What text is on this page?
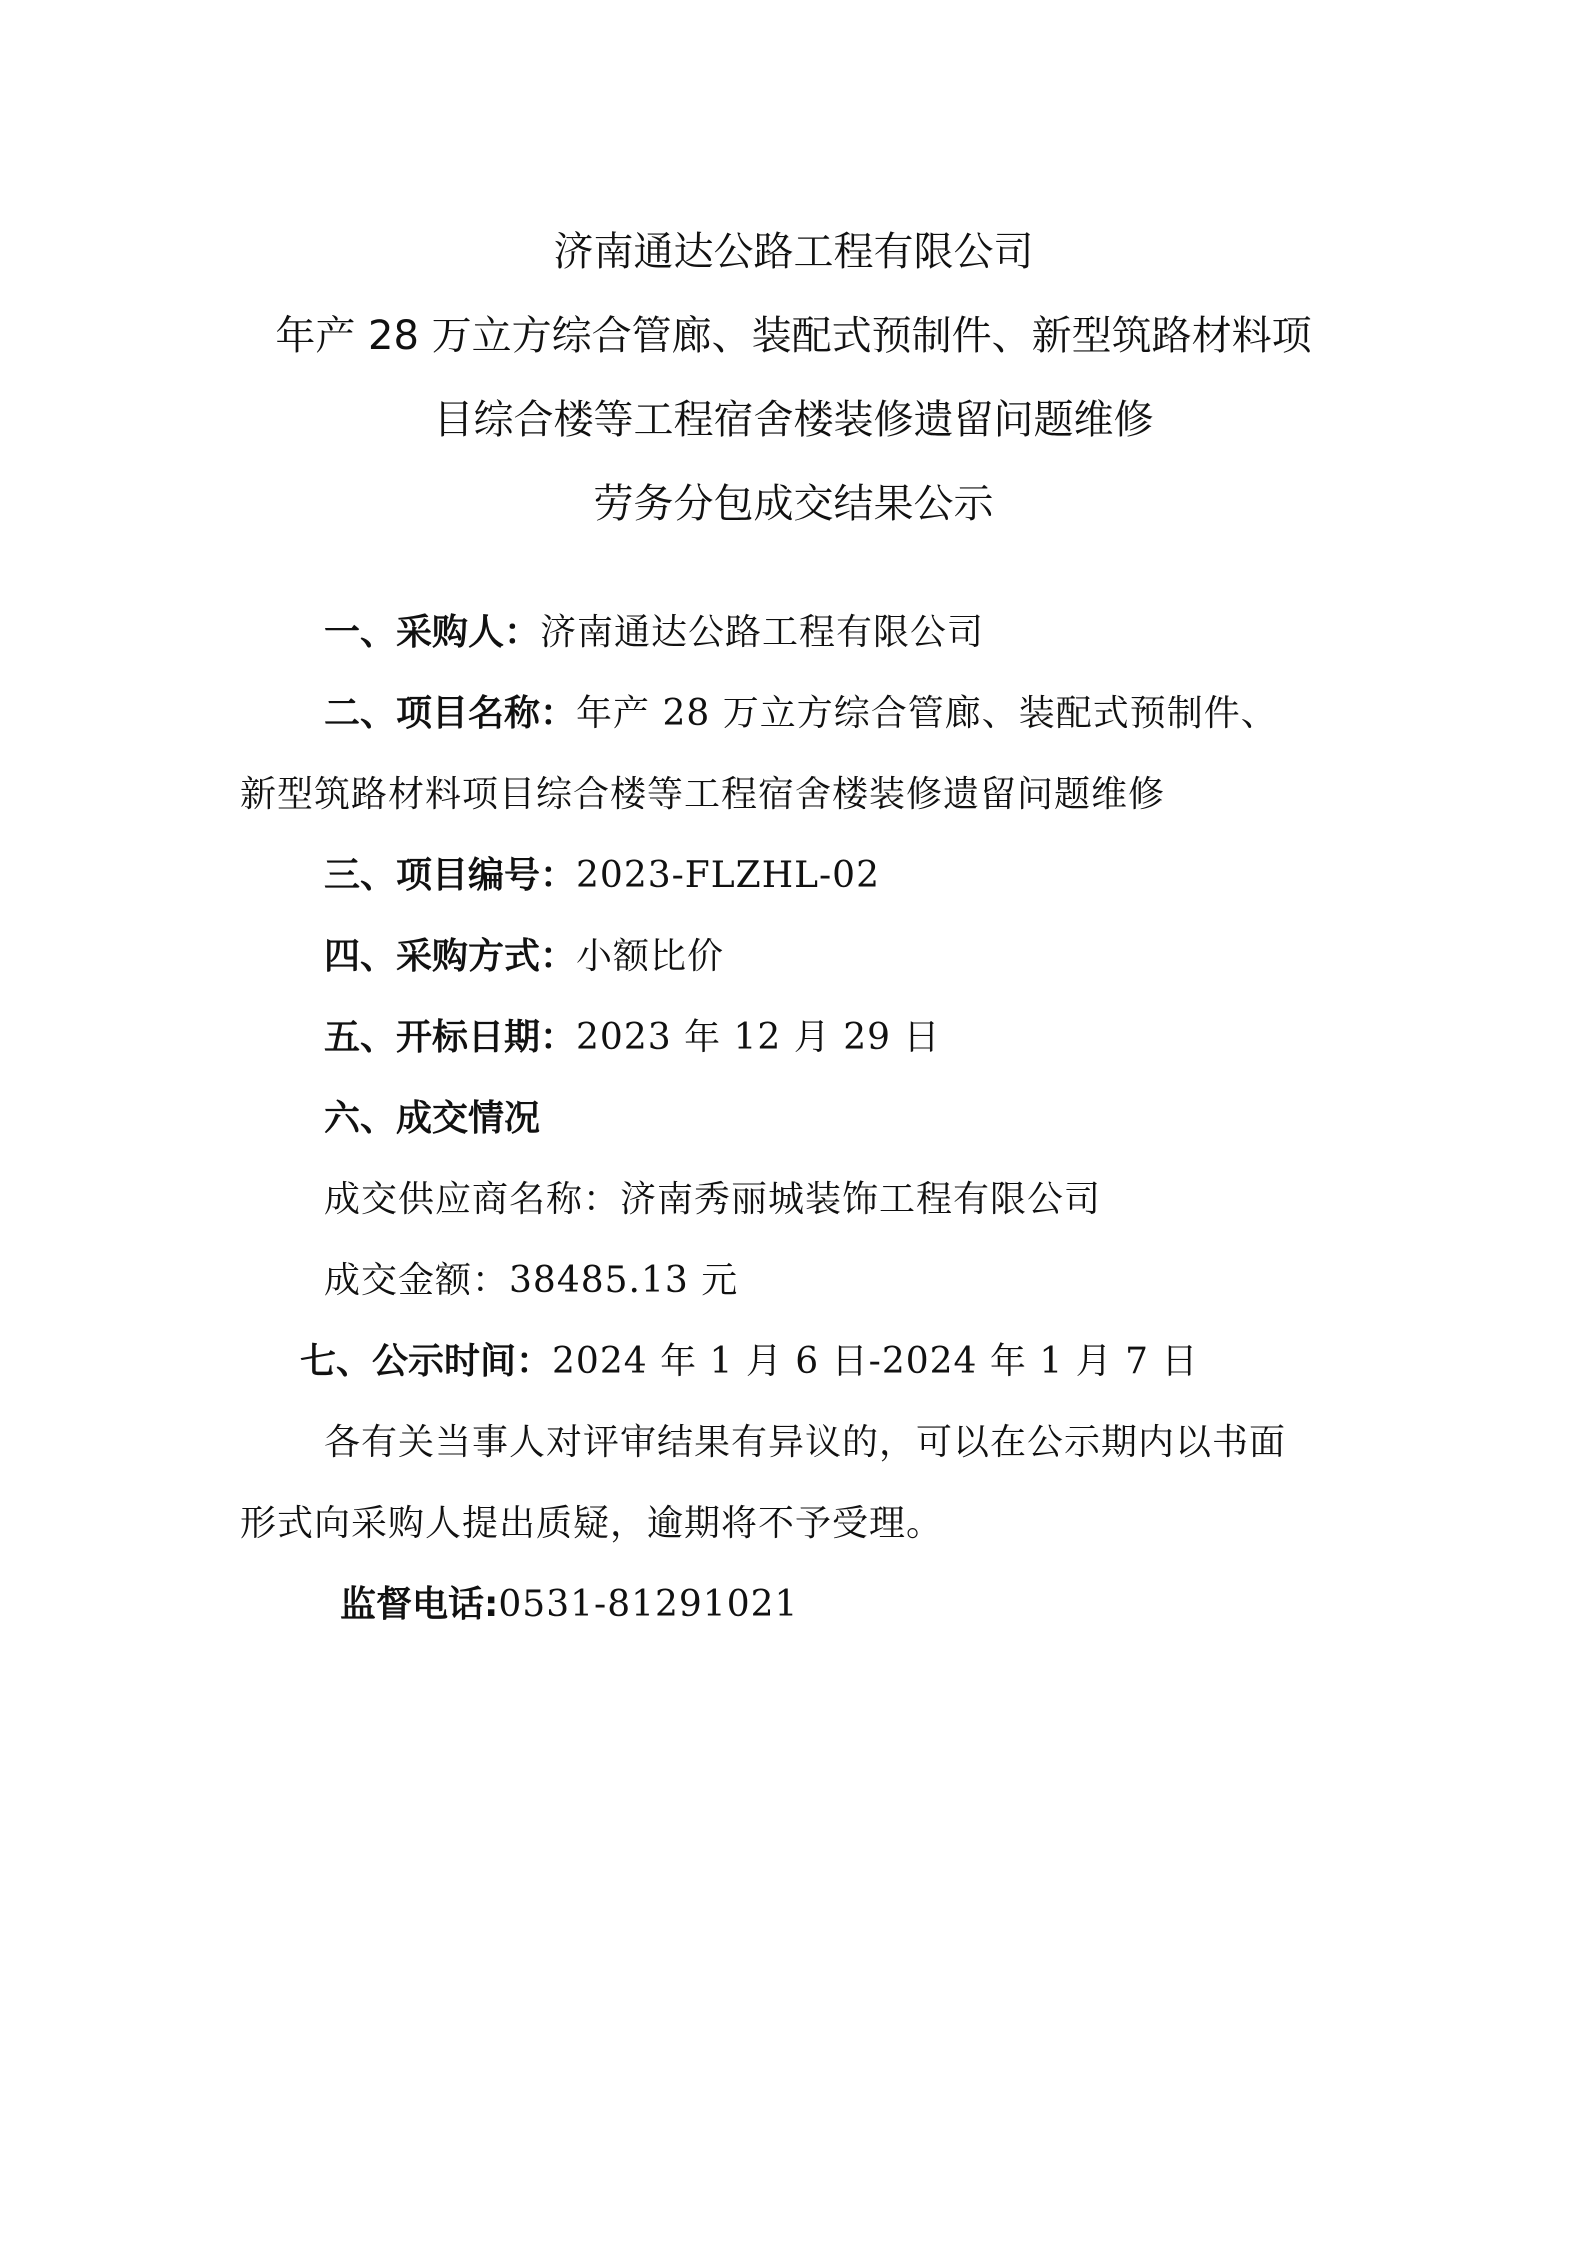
济南通达公路工程有限公司
年产 28 万立方综合管廊、装配式预制件、新型筑路材料项
目综合楼等工程宿舍楼装修遗留问题维修
劳务分包成交结果公示
一、采购人：济南通达公路工程有限公司
二、项目名称：年产 28 万立方综合管廊、装配式预制件、
新型筑路材料项目综合楼等工程宿舍楼装修遗留问题维修
三、项目编号：2023-FLZHL-02
四、采购方式：小额比价
五、开标日期：2023 年 12 月 29 日
六、成交情况
成交供应商名称：济南秀丽城装饰工程有限公司
成交金额：38485.13 元
七、公示时间：2024 年 1 月 6 日-2024 年 1 月 7 日
各有关当事人对评审结果有异议的，可以在公示期内以书面
形式向采购人提出质疑，逾期将不予受理。
监督电话:0531-81291021
